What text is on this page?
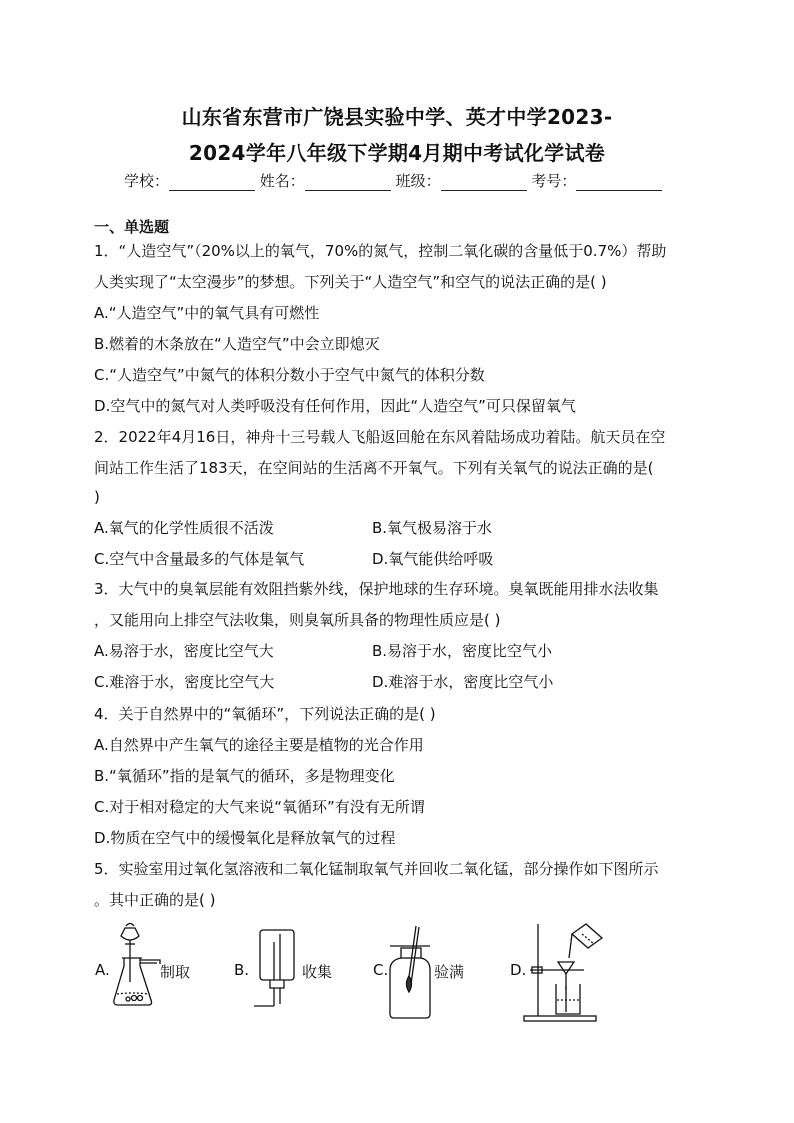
山东省东营市广饶县实验中学、英才中学2023-
2024学年八年级下学期4月期中考试化学试卷
学校：	姓名：	班级：	考号：
一、单选题
1．“人造空气”（20%以上的氧气，70%的氮气，控制二氧化碳的含量低于0.7%）帮助
人类实现了“太空漫步”的梦想。下列关于“人造空气”和空气的说法正确的是( )
A.“人造空气”中的氧气具有可燃性
B.燃着的木条放在“人造空气”中会立即熄灭
C.“人造空气”中氮气的体积分数小于空气中氮气的体积分数
D.空气中的氮气对人类呼吸没有任何作用，因此“人造空气”可只保留氧气
2．2022年4月16日，神舟十三号载人飞船返回舱在东风着陆场成功着陆。航天员在空
间站工作生活了183天，在空间站的生活离不开氧气。下列有关氧气的说法正确的是(
)
A.氧气的化学性质很不活泼	B.氧气极易溶于水
C.空气中含量最多的气体是氧气	D.氧气能供给呼吸
3．大气中的臭氧层能有效阻挡紫外线，保护地球的生存环境。臭氧既能用排水法收集
，又能用向上排空气法收集，则臭氧所具备的物理性质应是( )
A.易溶于水，密度比空气大	B.易溶于水，密度比空气小
C.难溶于水，密度比空气大	D.难溶于水，密度比空气小
4．关于自然界中的“氧循环”，下列说法正确的是( )
A.自然界中产生氧气的途径主要是植物的光合作用
B.“氧循环”指的是氧气的循环，多是物理变化
C.对于相对稳定的大气来说“氧循环”有没有无所谓
D.物质在空气中的缓慢氧化是释放氧气的过程
5．实验室用过氧化氢溶液和二氧化锰制取氧气并回收二氧化锰，部分操作如下图所示
。其中正确的是( )
A.	制取	B.	收集	C.	验满	D.
